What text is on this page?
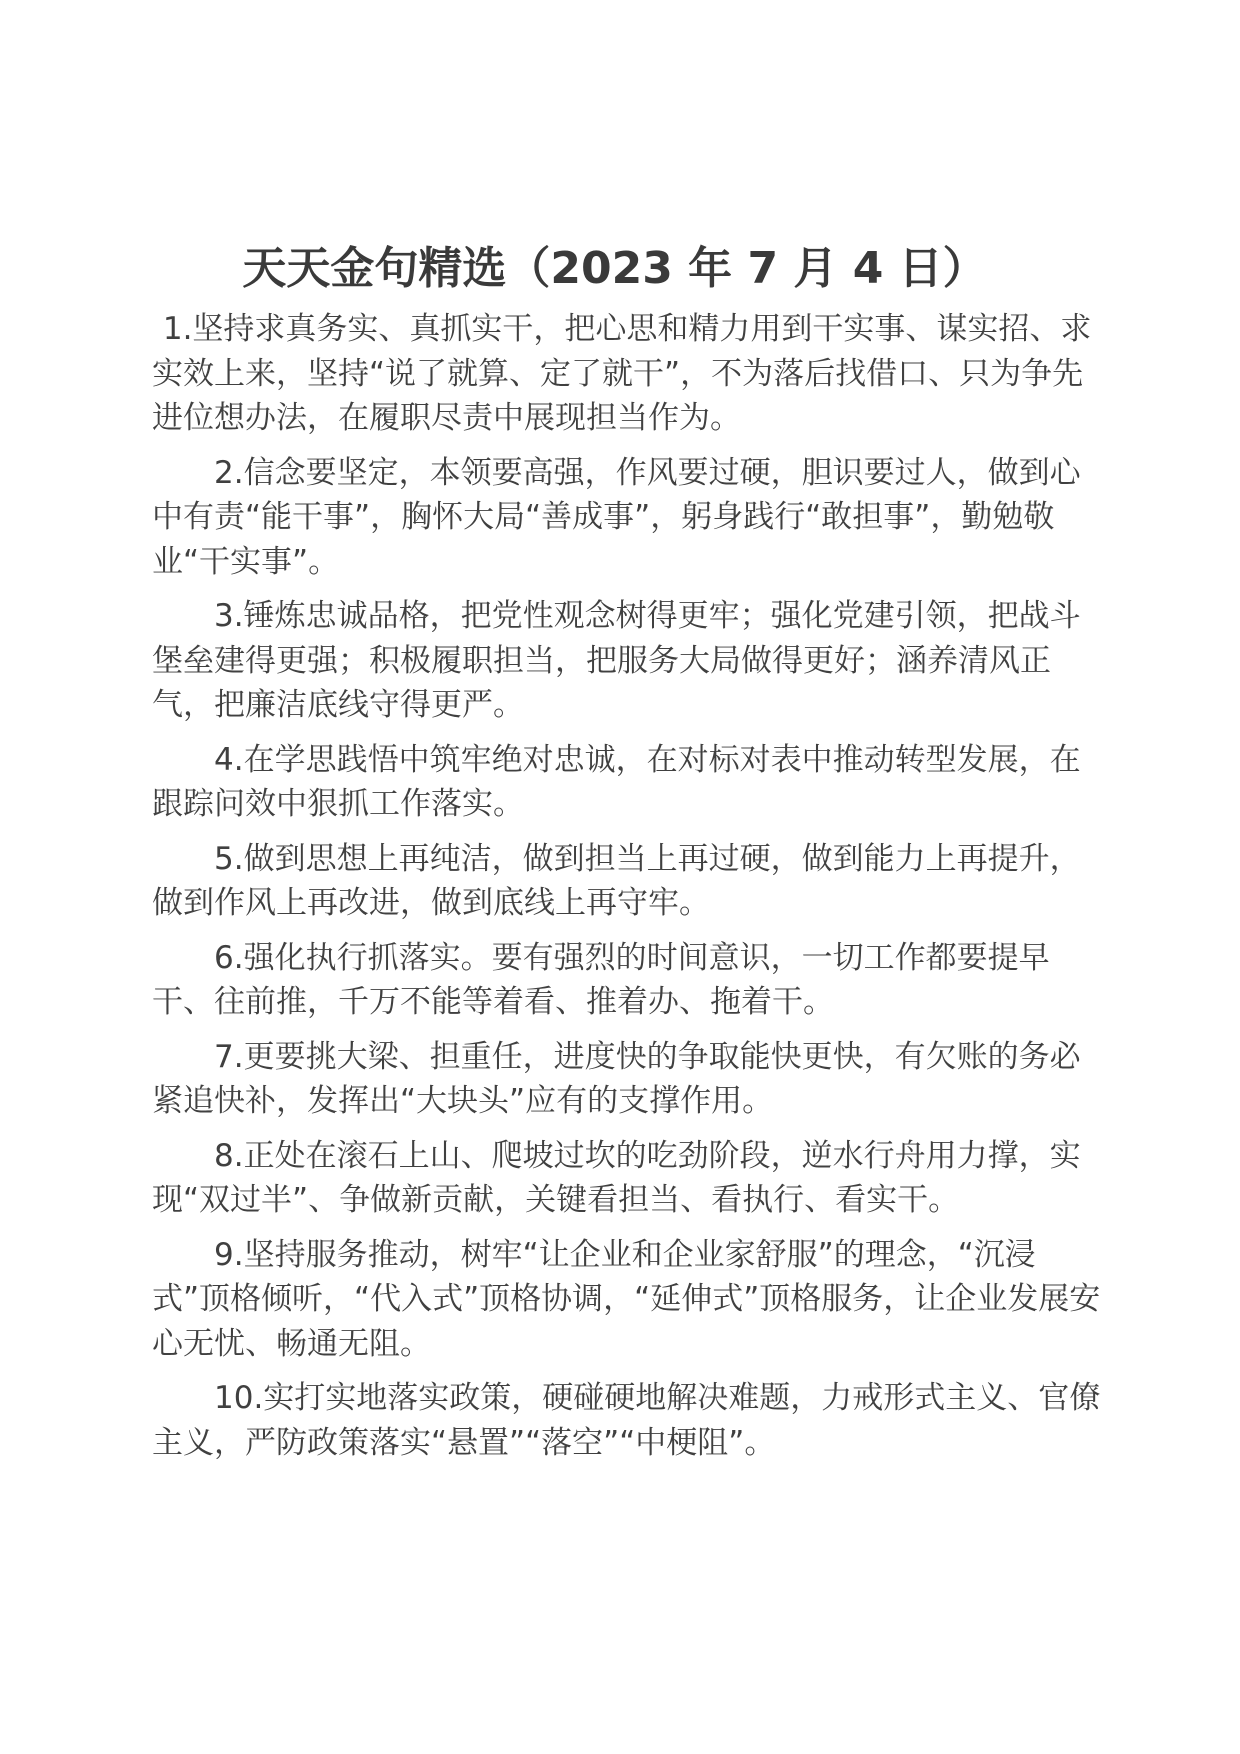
天天金句精选（2023 年 7 月 4 日）

1.坚持求真务实、真抓实干，把心思和精力用到干实事、谋实招、求实效上来，坚持“说了就算、定了就干”，不为落后找借口、只为争先进位想办法，在履职尽责中展现担当作为。

2.信念要坚定，本领要高强，作风要过硬，胆识要过人，做到心中有责“能干事”，胸怀大局“善成事”，躬身践行“敢担事”，勤勉敬业“干实事”。

3.锤炼忠诚品格，把党性观念树得更牢；强化党建引领，把战斗堡垒建得更强；积极履职担当，把服务大局做得更好；涵养清风正气，把廉洁底线守得更严。

4.在学思践悟中筑牢绝对忠诚，在对标对表中推动转型发展，在跟踪问效中狠抓工作落实。

5.做到思想上再纯洁，做到担当上再过硬，做到能力上再提升，做到作风上再改进，做到底线上再守牢。

6.强化执行抓落实。要有强烈的时间意识，一切工作都要提早干、往前推，千万不能等着看、推着办、拖着干。

7.更要挑大梁、担重任，进度快的争取能快更快，有欠账的务必紧追快补，发挥出“大块头”应有的支撑作用。

8.正处在滚石上山、爬坡过坎的吃劲阶段，逆水行舟用力撑，实现“双过半”、争做新贡献，关键看担当、看执行、看实干。

9.坚持服务推动，树牢“让企业和企业家舒服”的理念，“沉浸式”顶格倾听，“代入式”顶格协调，“延伸式”顶格服务，让企业发展安心无忧、畅通无阻。

10.实打实地落实政策，硬碰硬地解决难题，力戒形式主义、官僚主义，严防政策落实“悬置”“落空”“中梗阻”。
